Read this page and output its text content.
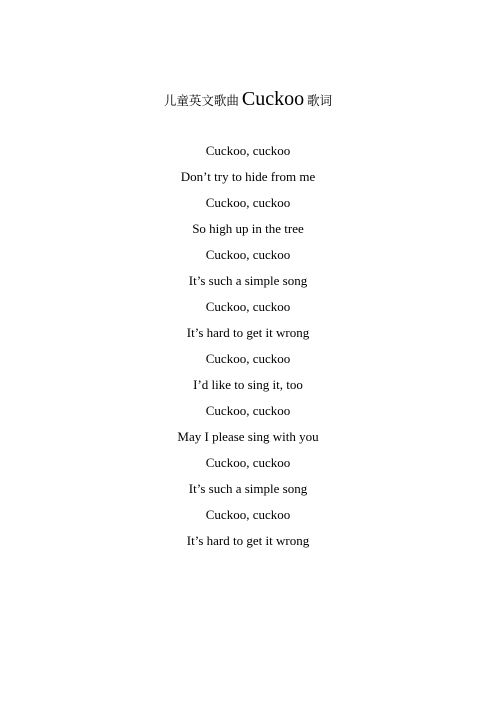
儿童英文歌曲 Cuckoo 歌词
Cuckoo, cuckoo
Don’t try to hide from me
Cuckoo, cuckoo
So high up in the tree
Cuckoo, cuckoo
It’s such a simple song
Cuckoo, cuckoo
It’s hard to get it wrong
Cuckoo, cuckoo
I’d like to sing it, too
Cuckoo, cuckoo
May I please sing with you
Cuckoo, cuckoo
It’s such a simple song
Cuckoo, cuckoo
It’s hard to get it wrong
